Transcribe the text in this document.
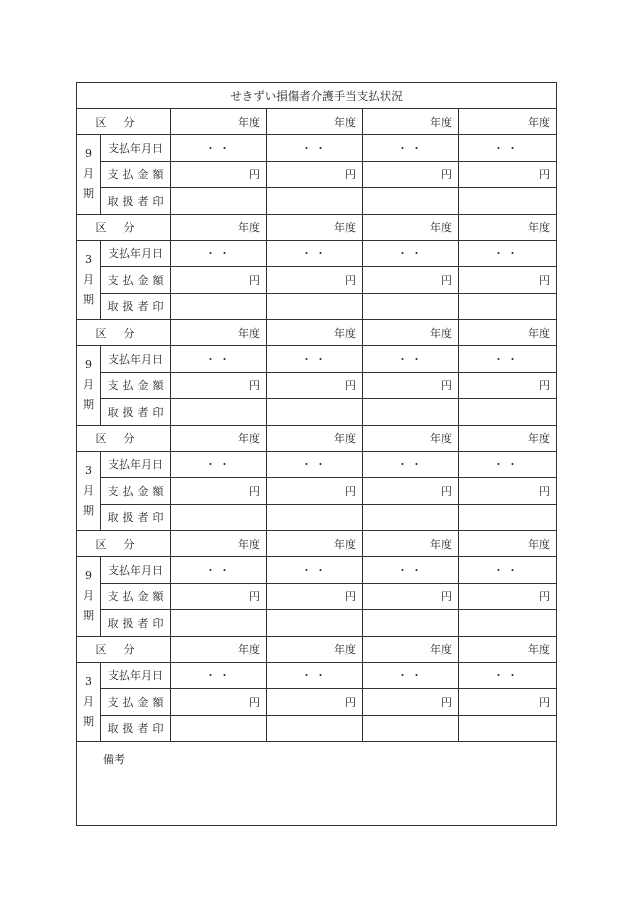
せきずい損傷者介護手当支払状況
区	分	年度	年度	年度	年度
9
月
期
支払年月日	・ ・	・ ・	・ ・	・ ・
支払金額	円	円	円	円
取扱者印
区	分	年度	年度	年度	年度
3
月
期
支払年月日	・ ・	・ ・	・ ・	・ ・
支払金額	円	円	円	円
取扱者印
区	分	年度	年度	年度	年度
9
月
期
支払年月日	・ ・	・ ・	・ ・	・ ・
支払金額	円	円	円	円
取扱者印
区	分	年度	年度	年度	年度
3
月
期
支払年月日	・ ・	・ ・	・ ・	・ ・
支払金額	円	円	円	円
取扱者印
区	分	年度	年度	年度	年度
9
月
期
支払年月日	・ ・	・ ・	・ ・	・ ・
支払金額	円	円	円	円
取扱者印
区	分	年度	年度	年度	年度
3
月
期
支払年月日	・ ・	・ ・	・ ・	・ ・
支払金額	円	円	円	円
取扱者印
備考
